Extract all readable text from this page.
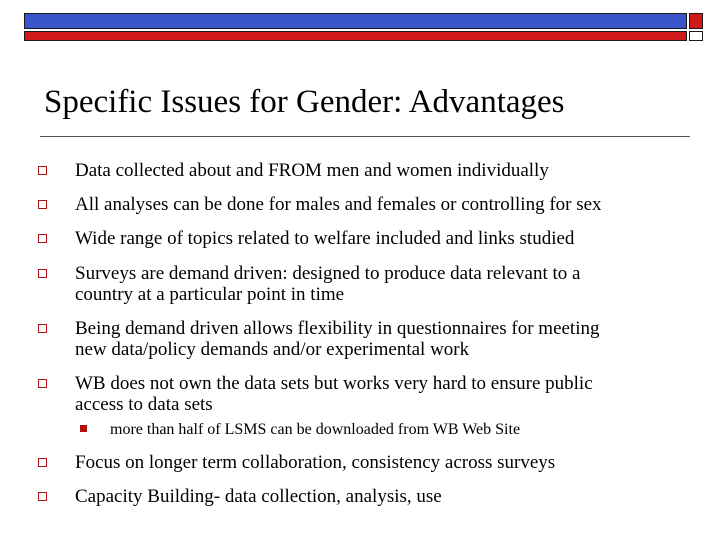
Specific Issues for Gender: Advantages
Data collected about and FROM men and women individually
All analyses can be done for males and females or controlling for sex
Wide range of topics related to welfare included and links studied
Surveys are demand driven: designed to produce data relevant to a
country at a particular point in time
Being demand driven allows flexibility in questionnaires for meeting
new data/policy demands and/or experimental work
WB does not own the data sets but works very hard to ensure public
access to data sets
more than half of LSMS can be downloaded from WB Web Site
Focus on longer term collaboration, consistency across surveys
Capacity Building- data collection, analysis, use
